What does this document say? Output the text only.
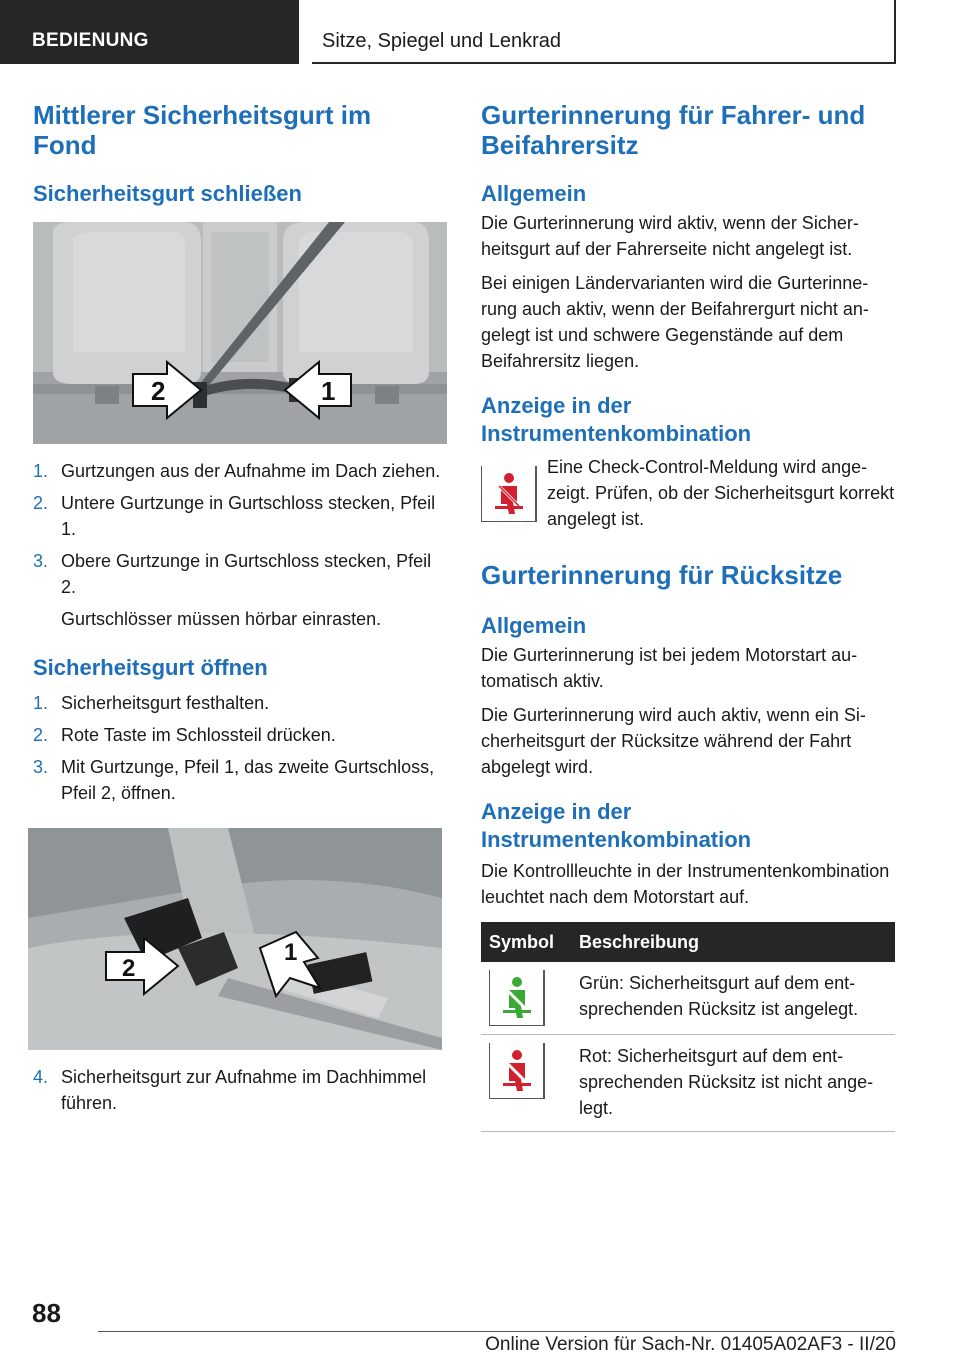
BEDIENUNG	Sitze, Spiegel und Lenkrad
Mittlerer Sicherheitsgurt im Fond
Sicherheitsgurt schließen
2	1
1. Gurtzungen aus der Aufnahme im Dach ziehen.
2. Untere Gurtzunge in Gurtschloss stecken, Pfeil 1.
3. Obere Gurtzunge in Gurtschloss stecken, Pfeil 2.
Gurtschlösser müssen hörbar einrasten.
Sicherheitsgurt öffnen
1. Sicherheitsgurt festhalten.
2. Rote Taste im Schlossteil drücken.
3. Mit Gurtzunge, Pfeil 1, das zweite Gurtschloss, Pfeil 2, öffnen.
2
1
4. Sicherheitsgurt zur Aufnahme im Dachhimmel führen.
Gurterinnerung für Fahrer- und Beifahrersitz
Allgemein

Die Gurterinnerung wird aktiv, wenn der Sicherheitsgurt auf der Fahrerseite nicht angelegt ist.

Bei einigen Ländervarianten wird die Gurterinnerung auch aktiv, wenn der Beifahrergurt nicht angelegt ist und schwere Gegenstände auf dem Beifahrersitz liegen.

Anzeige in der Instrumentenkombination

Eine Check-Control-Meldung wird angezeigt. Prüfen, ob der Sicherheitsgurt korrekt angelegt ist.

Gurterinnerung für Rücksitze
Allgemein

Die Gurterinnerung ist bei jedem Motorstart automatisch aktiv.

Die Gurterinnerung wird auch aktiv, wenn ein Sicherheitsgurt der Rücksitze während der Fahrt abgelegt wird.

Anzeige in der Instrumentenkombination

Die Kontrollleuchte in der Instrumentenkombination leuchtet nach dem Motorstart auf.

Symbol	Beschreibung

	Grün: Sicherheitsgurt auf dem entsprechenden Rücksitz ist angelegt.

	Rot: Sicherheitsgurt auf dem entsprechenden Rücksitz ist nicht angelegt.
88
Online Version für Sach-Nr. 01405A02AF3 - II/20
